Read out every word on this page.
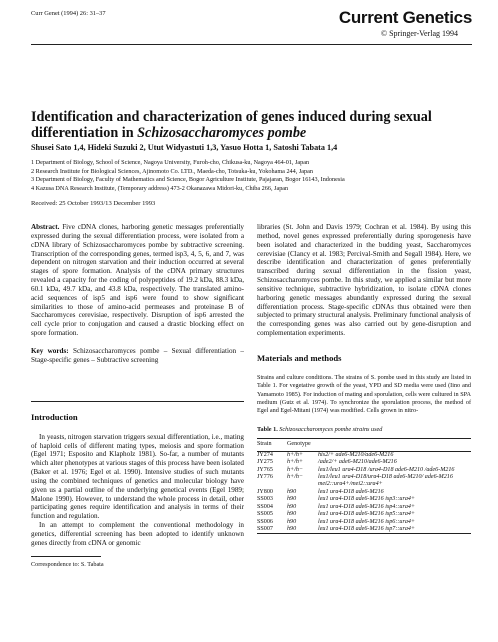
Curr Genet (1994) 26: 31–37	Current Genetics
© Springer-Verlag 1994
Identification and characterization of genes induced during sexual
differentiation in Schizosaccharomyces pombe
Shusei Sato 1,4, Hideki Suzuki 2, Utut Widyastuti 1,3, Yasuo Hotta 1, Satoshi Tabata 1,4
1 Department of Biology, School of Science, Nagoya University, Furoh-cho, Chikusa-ku, Nagoya 464-01, Japan
2 Research Institute for Biological Sciences, Ajinomoto Co. LTD., Maeda-cho, Totsuka-ku, Yokohama 244, Japan
3 Department of Biology, Faculty of Mathematics and Science, Bogor Agriculture Institute, Pajajaran, Bogor 16143, Indonesia
4 Kazusa DNA Research Institute, (Temporary address) 473-2 Okanazawa Midori-ku, Chiba 266, Japan
Received: 25 October 1993/13 December 1993

Abstract. Five cDNA clones, harboring genetic messages preferentially expressed during the sexual differentiation process, were isolated from a cDNA library of Schizosaccharomyces pombe by subtractive screening. Transcription of the corresponding genes, termed isp3, 4, 5, 6, and 7, was dependent on nitrogen starvation and their induction occurred at several stages of spore formation. Analysis of the cDNA primary structures revealed a capacity for the coding of polypeptides of 19.2 kDa, 88.3 kDa, 60.1 kDa, 49.7 kDa, and 43.8 kDa, respectively. The translated amino-acid sequences of isp5 and isp6 were found to show significant similarities to those of amino-acid permeases and proteinase B of Saccharomyces cerevisiae, respectively. Disruption of isp6 arrested the cell cycle prior to conjugation and caused a drastic blocking effect on spore formation.

Key words: Schizosaccharomyces pombe – Sexual differentiation – Stage-specific genes – Subtractive screening

Introduction

In yeasts, nitrogen starvation triggers sexual differentiation, i.e., mating of haploid cells of different mating types, meiosis and spore formation (Egel 1971; Esposito and Klapholz 1981). So-far, a number of mutants which alter phenotypes at various stages of this process have been isolated (Baker et al. 1976; Egel et al. 1990). Intensive studies of such mutants using the combined techniques of genetics and molecular biology have given us a partial outline of the underlying genetical events (Egel 1989; Malone 1990). However, to understand the whole process in detail, other participating genes require identification and analysis in terms of their function and regulation.

In an attempt to complement the conventional methodology in genetics, differential screening has been adopted to identify unknown genes directly from cDNA or genomic

Correspondence to: S. Tabata

libraries (St. John and Davis 1979; Cochran et al. 1984). By using this method, novel genes expressed preferentially during sporogenesis have been isolated and characterized in the budding yeast, Saccharomyces cerevisiae (Clancy et al. 1983; Percival-Smith and Segall 1984). Here, we describe identification and characterization of genes preferentially transcribed during sexual differentiation in the fission yeast, Schizosaccharomyces pombe. In this study, we applied a similar but more sensitive technique, subtractive hybridization, to isolate cDNA clones harboring genetic messages abundantly expressed during the sexual differentiation process. Stage-specific cDNAs thus obtained were then subjected to primary structural analysis. Preliminary functional analysis of the corresponding genes was also carried out by gene-disruption and complementation experiments.

Materials and methods

Strains and culture conditions. The strains of S. pombe used in this study are listed in Table 1. For vegetative growth of the yeast, YPD and SD media were used (Iino and Yamamoto 1985). For induction of mating and sporulation, cells were cultured in SPA medium (Gutz et al. 1974). To synchronize the sporulation process, the method of Egel and Egel-Mitani (1974) was modified. Cells grown in nitro-

Table 1. Schizosaccharomyces pombe strains used
Strain	Genotype	
JY274	h+/h+	his2/+ ade6-M210/ade6-M216
JY275	h+/h+	/ade2/+ ade6-M210/ade6-M216
JY765	h+/h−	leu1/leu1 ura4-D18 /ura4-D18 ade6-M210 /ade6-M216
JY776	h+/h−	leu1/leu1 ura4-D18/ura4-D18 ade6-M210/ ade6-M216 mei2::ura4+/mei2::ura4+
JY800	h90	leu1 ura4-D18 ade6-M216
SS003	h90	leu1 ura4-D18 ade6-M216 isp3::ura4+
SS004	h90	leu1 ura4-D18 ade6-M216 isp4::ura4+
SS005	h90	leu1 ura4-D18 ade6-M216 isp5::ura4+
SS006	h90	leu1 ura4-D18 ade6-M216 isp6::ura4+
SS007	h90	leu1 ura4-D18 ade6-M216 isp7::ura4+
